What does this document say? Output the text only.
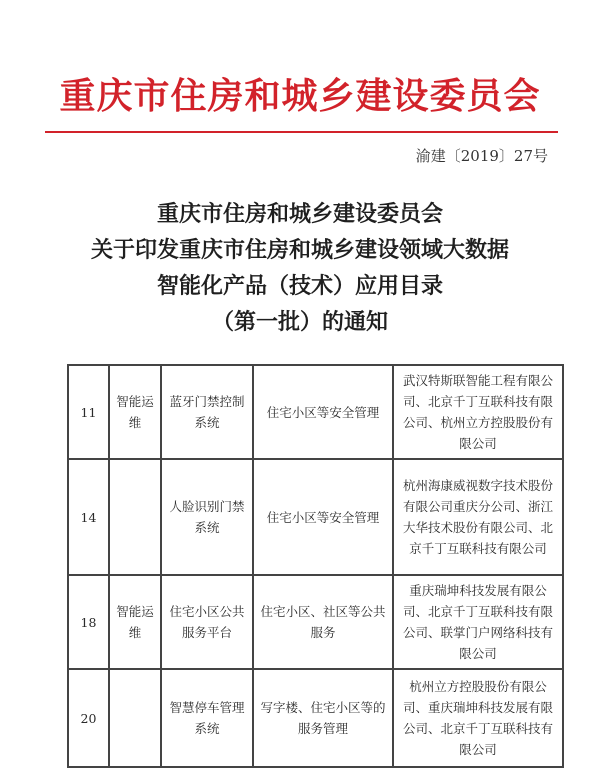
重庆市住房和城乡建设委员会
渝建〔2019〕27号
重庆市住房和城乡建设委员会
关于印发重庆市住房和城乡建设领域大数据
智能化产品（技术）应用目录
（第一批）的通知
11	智能运维	蓝牙门禁控制系统	住宅小区等安全管理	武汉特斯联智能工程有限公司、北京千丁互联科技有限公司、杭州立方控股股份有限公司
14		人脸识别门禁系统	住宅小区等安全管理	杭州海康威视数字技术股份有限公司重庆分公司、浙江大华技术股份有限公司、北京千丁互联科技有限公司
18	智能运维	住宅小区公共服务平台	住宅小区、社区等公共服务	重庆瑞坤科技发展有限公司、北京千丁互联科技有限公司、联掌门户网络科技有限公司
20		智慧停车管理系统	写字楼、住宅小区等的服务管理	杭州立方控股股份有限公司、重庆瑞坤科技发展有限公司、北京千丁互联科技有限公司
